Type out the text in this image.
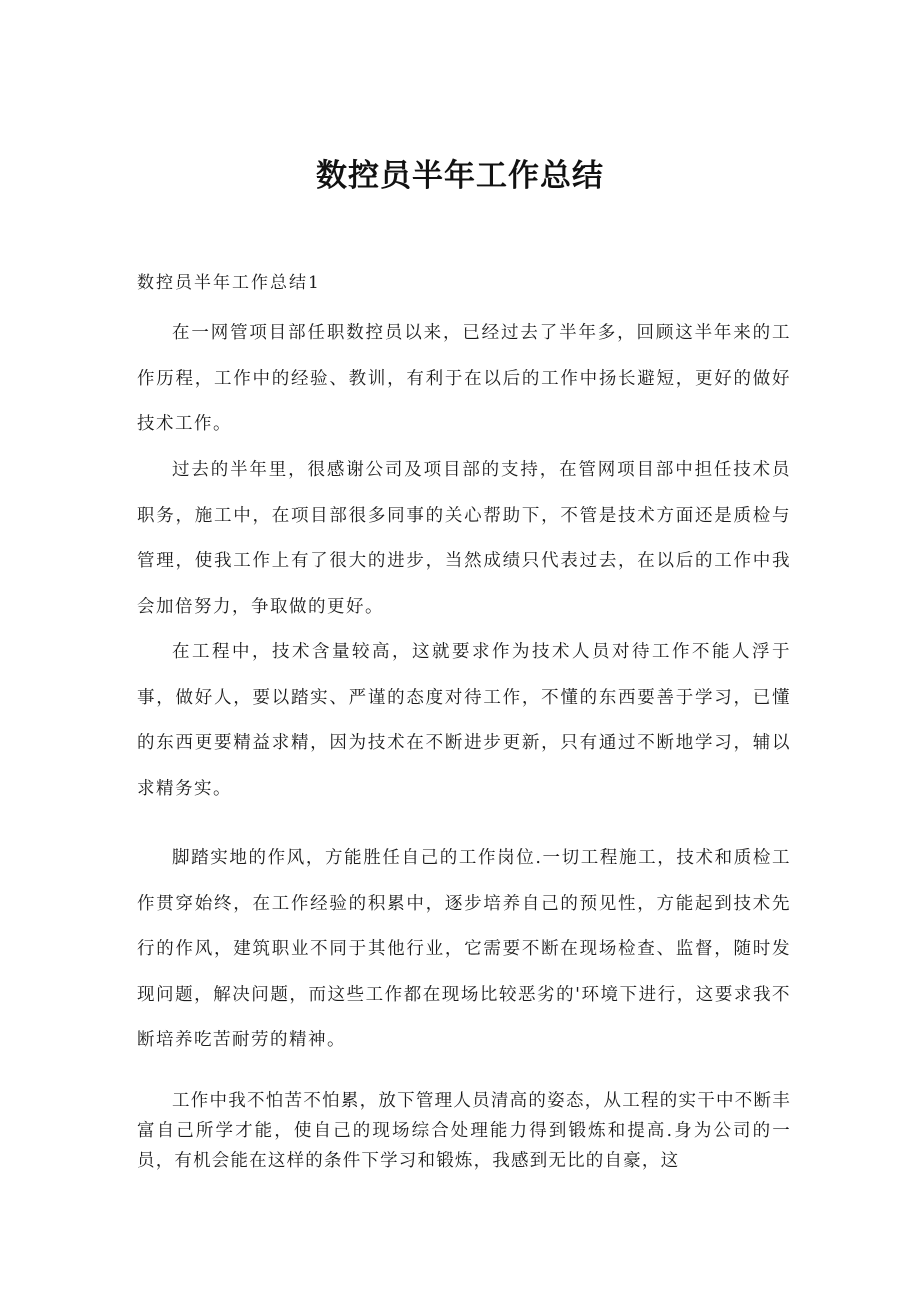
数控员半年工作总结

数控员半年工作总结1

在一网管项目部任职数控员以来，已经过去了半年多，回顾这半年来的工作历程，工作中的经验、教训，有利于在以后的工作中扬长避短，更好的做好技术工作。

过去的半年里，很感谢公司及项目部的支持，在管网项目部中担任技术员职务，施工中，在项目部很多同事的关心帮助下，不管是技术方面还是质检与管理，使我工作上有了很大的进步，当然成绩只代表过去，在以后的工作中我会加倍努力，争取做的更好。

在工程中，技术含量较高，这就要求作为技术人员对待工作不能人浮于事，做好人，要以踏实、严谨的态度对待工作，不懂的东西要善于学习，已懂的东西更要精益求精，因为技术在不断进步更新，只有通过不断地学习，辅以求精务实。

脚踏实地的作风，方能胜任自己的工作岗位.一切工程施工，技术和质检工作贯穿始终，在工作经验的积累中，逐步培养自己的预见性，方能起到技术先行的作风，建筑职业不同于其他行业，它需要不断在现场检查、监督，随时发现问题，解决问题，而这些工作都在现场比较恶劣的'环境下进行，这要求我不断培养吃苦耐劳的精神。

工作中我不怕苦不怕累，放下管理人员清高的姿态，从工程的实干中不断丰富自己所学才能，使自己的现场综合处理能力得到锻炼和提高.身为公司的一员，有机会能在这样的条件下学习和锻炼，我感到无比的自豪，这
